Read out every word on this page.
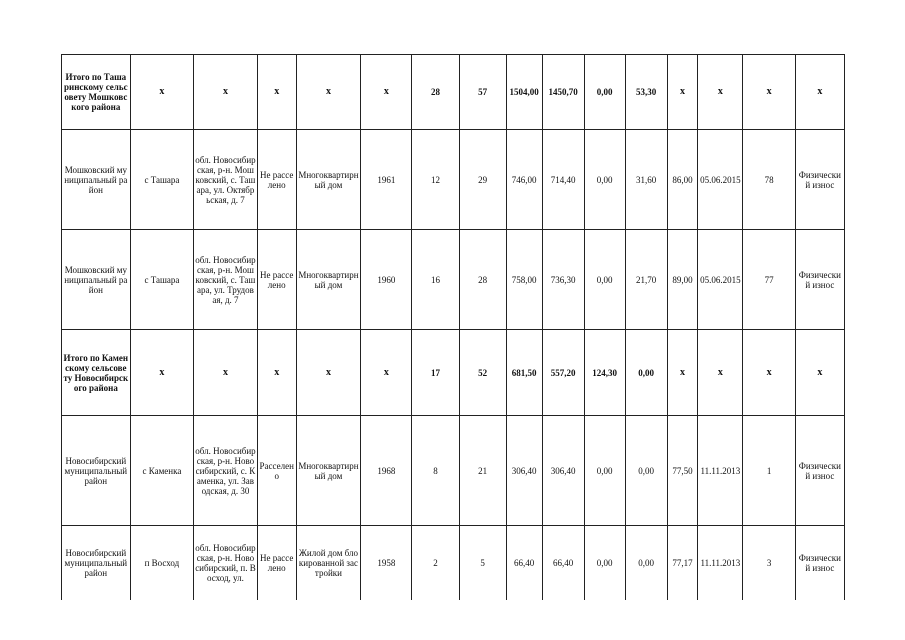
Итого по Ташаринскому сельсовету Мошковского района	x	x	x	x	x	28	57	1504,00	1450,70	0,00	53,30	x	x	x	x
Мошковский муниципальный район	с Ташара	обл. Новосибирская, р-н. Мошковский, с. Ташара, ул. Октябрьская, д. 7	Не расселено	Многоквартирный дом	1961	12	29	746,00	714,40	0,00	31,60	86,00	05.06.2015	78	Физический износ
Мошковский муниципальный район	с Ташара	обл. Новосибирская, р-н. Мошковский, с. Ташара, ул. Трудовая, д. 7	Не расселено	Многоквартирный дом	1960	16	28	758,00	736,30	0,00	21,70	89,00	05.06.2015	77	Физический износ
Итого по Каменскому сельсовету Новосибирского района	x	x	x	x	x	17	52	681,50	557,20	124,30	0,00	x	x	x	x
Новосибирский муниципальный район	с Каменка	обл. Новосибирская, р-н. Новосибирский, с. Каменка, ул. Заводская, д. 30	Расселено	Многоквартирный дом	1968	8	21	306,40	306,40	0,00	0,00	77,50	11.11.2013	1	Физический износ
Новосибирский муниципальный район	п Восход	обл. Новосибирская, р-н. Новосибирский, п. Восход, ул.	Не расселено	Жилой дом блокированной застройки	1958	2	5	66,40	66,40	0,00	0,00	77,17	11.11.2013	3	Физический износ
